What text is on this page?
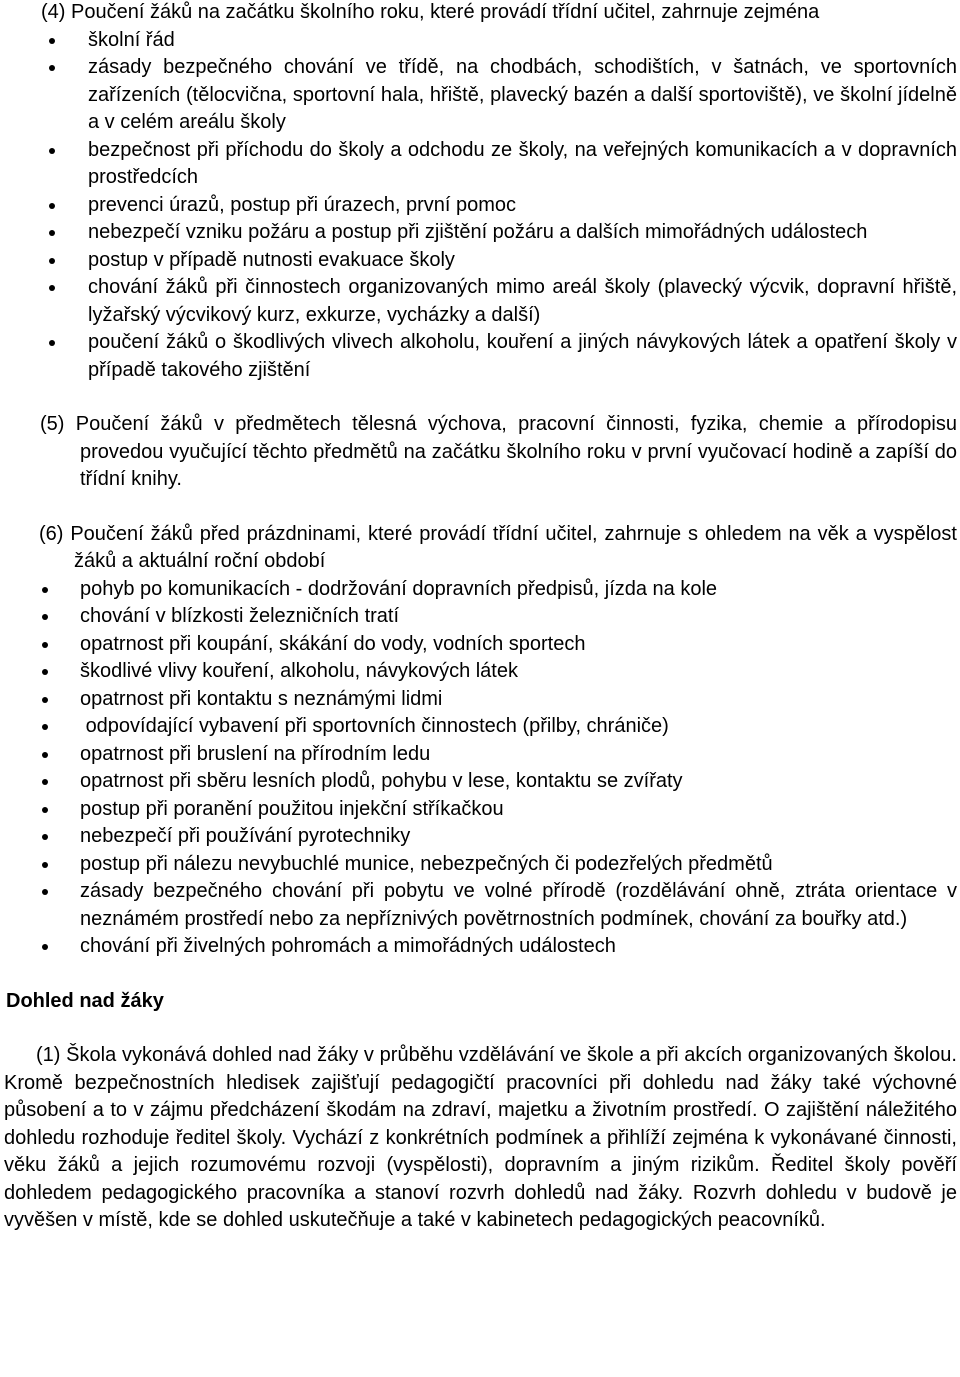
(4) Poučení žáků na začátku školního roku, které provádí třídní učitel, zahrnuje zejména

školní řád
zásady bezpečného chování ve třídě, na chodbách, schodištích, v šatnách, ve sportovních zařízeních (tělocvična, sportovní hala, hřiště, plavecký bazén a další sportoviště), ve školní jídelně a v celém areálu školy
bezpečnost při příchodu do školy a odchodu ze školy, na veřejných komunikacích a v dopravních prostředcích
prevenci úrazů, postup při úrazech, první pomoc
nebezpečí vzniku požáru a postup při zjištění požáru a dalších mimořádných událostech
postup v případě nutnosti evakuace školy
chování žáků při činnostech organizovaných mimo areál školy (plavecký výcvik, dopravní hřiště, lyžařský výcvikový kurz, exkurze, vycházky a další)
poučení žáků o škodlivých vlivech alkoholu, kouření a jiných návykových látek a opatření školy v případě takového zjištění

(5) Poučení žáků v předmětech tělesná výchova, pracovní činnosti, fyzika, chemie a přírodopisu provedou vyučující těchto předmětů na začátku školního roku v první vyučovací hodině a zapíší do třídní knihy.

(6) Poučení žáků před prázdninami, které provádí třídní učitel, zahrnuje s ohledem na věk a vyspělost žáků a aktuální roční období

pohyb po komunikacích - dodržování dopravních předpisů, jízda na kole
chování v blízkosti železničních tratí
opatrnost při koupání, skákání do vody, vodních sportech
škodlivé vlivy kouření, alkoholu, návykových látek
opatrnost při kontaktu s neznámými lidmi
odpovídající vybavení při sportovních činnostech (přilby, chrániče)
opatrnost při bruslení na přírodním ledu
opatrnost při sběru lesních plodů, pohybu v lese, kontaktu se zvířaty
postup při poranění použitou injekční stříkačkou
nebezpečí při používání pyrotechniky
postup při nálezu nevybuchlé munice, nebezpečných či podezřelých předmětů
zásady bezpečného chování při pobytu ve volné přírodě (rozdělávání ohně, ztráta orientace v neznámém prostředí nebo za nepříznivých povětrnostních podmínek, chování za bouřky atd.)
chování při živelných pohromách a mimořádných událostech

Dohled nad žáky

(1) Škola vykonává dohled nad žáky v průběhu vzdělávání ve škole a při akcích organizovaných školou. Kromě bezpečnostních hledisek zajišťují pedagogičtí pracovníci při dohledu nad žáky také výchovné působení a to v zájmu předcházení škodám na zdraví, majetku a životním prostředí. O zajištění náležitého dohledu rozhoduje ředitel školy. Vychází z konkrétních podmínek a přihlíží zejména k vykonávané činnosti, věku žáků a jejich rozumovému rozvoji (vyspělosti), dopravním a jiným rizikům. Ředitel školy pověří dohledem pedagogického pracovníka a stanoví rozvrh dohledů nad žáky. Rozvrh dohledu v budově je vyvěšen v místě, kde se dohled uskutečňuje a také v kabinetech pedagogických peacovníků.
